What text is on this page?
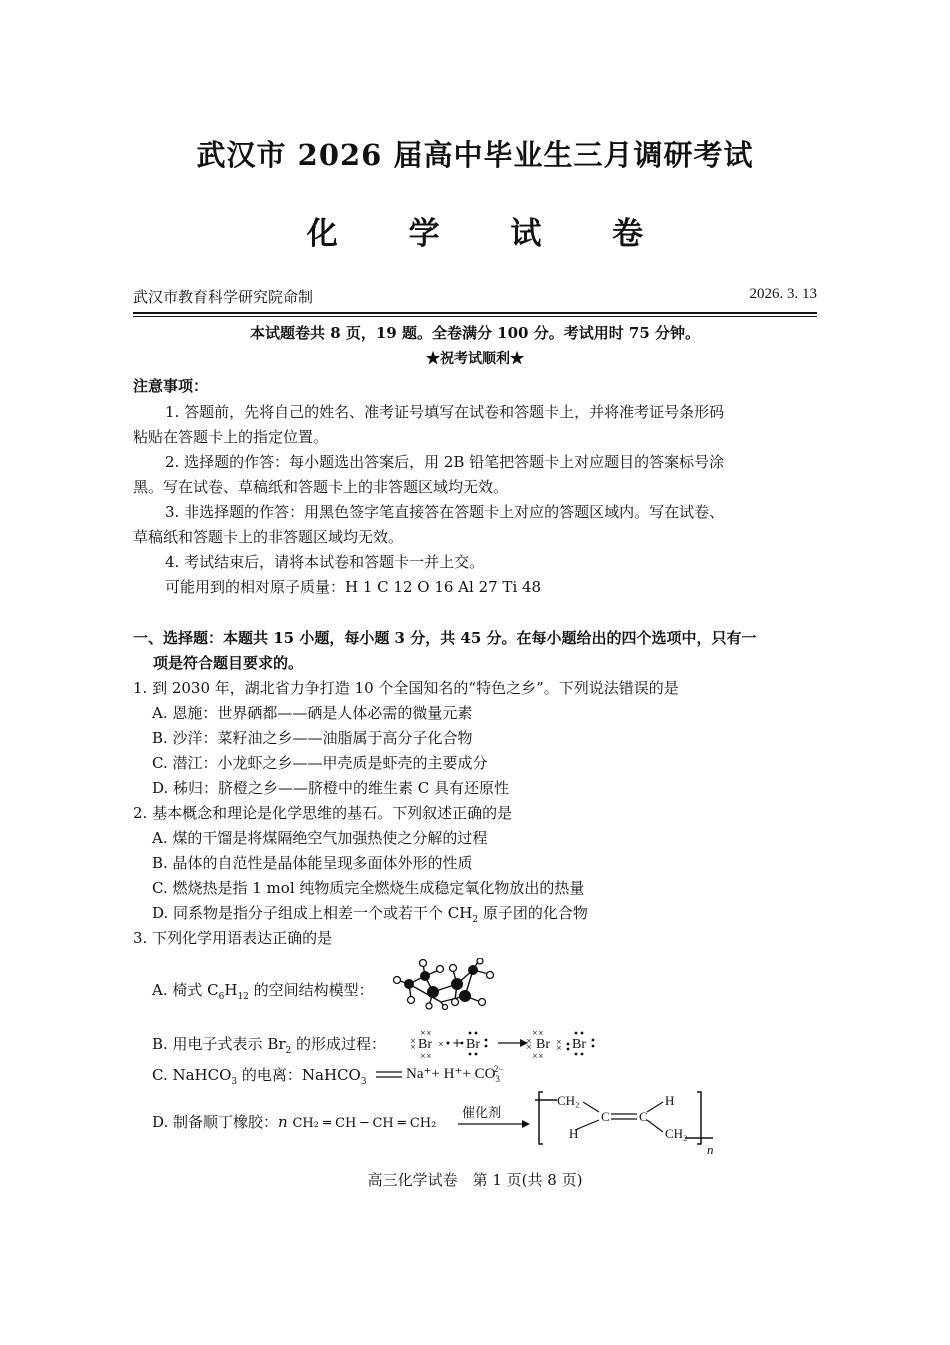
武汉市 2026 届高中毕业生三月调研考试
化 学 试 卷
武汉市教育科学研究院命制	2026. 3. 13
本试题卷共 8 页，19 题。全卷满分 100 分。考试用时 75 分钟。
★祝考试顺利★
注意事项：
1. 答题前，先将自己的姓名、准考证号填写在试卷和答题卡上，并将准考证号条形码
粘贴在答题卡上的指定位置。
2. 选择题的作答：每小题选出答案后，用 2B 铅笔把答题卡上对应题目的答案标号涂
黑。写在试卷、草稿纸和答题卡上的非答题区域均无效。
3. 非选择题的作答：用黑色签字笔直接答在答题卡上对应的答题区域内。写在试卷、
草稿纸和答题卡上的非答题区域均无效。
4. 考试结束后，请将本试卷和答题卡一并上交。
可能用到的相对原子质量：H 1 C 12 O 16 Al 27 Ti 48
一、选择题：本题共 15 小题，每小题 3 分，共 45 分。在每小题给出的四个选项中，只有一
项是符合题目要求的。
1. 到 2030 年，湖北省力争打造 10 个全国知名的“特色之乡”。下列说法错误的是
A. 恩施：世界硒都——硒是人体必需的微量元素
B. 沙洋：菜籽油之乡——油脂属于高分子化合物
C. 潜江：小龙虾之乡——甲壳质是虾壳的主要成分
D. 秭归：脐橙之乡——脐橙中的维生素 C 具有还原性
2. 基本概念和理论是化学思维的基石。下列叙述正确的是
A. 煤的干馏是将煤隔绝空气加强热使之分解的过程
B. 晶体的自范性是晶体能呈现多面体外形的性质
C. 燃烧热是指 1 mol 纯物质完全燃烧生成稳定氧化物放出的热量
D. 同系物是指分子组成上相差一个或若干个 $CH_2$ 原子团的化合物
3. 下列化学用语表达正确的是
A. 椅式 $C_6H_{12}$ 的空间结构模型：
B. 用电子式表示 $Br_2$ 的形成过程： Br Br	Br Br
××
×
×
××
×
××
×
×
××
×
×
+
C. NaHCO$_3$ 的电离：NaHCO$_3$	$Na^++ H^++ CO_3^{2-}$
D. 制备顺丁橡胶：n CH₂ ═ CH ─ CH ═ CH₂
催化剂
CH₂
H
C C
H
CH₂
n
高三化学试卷　第 1 页(共 8 页)
